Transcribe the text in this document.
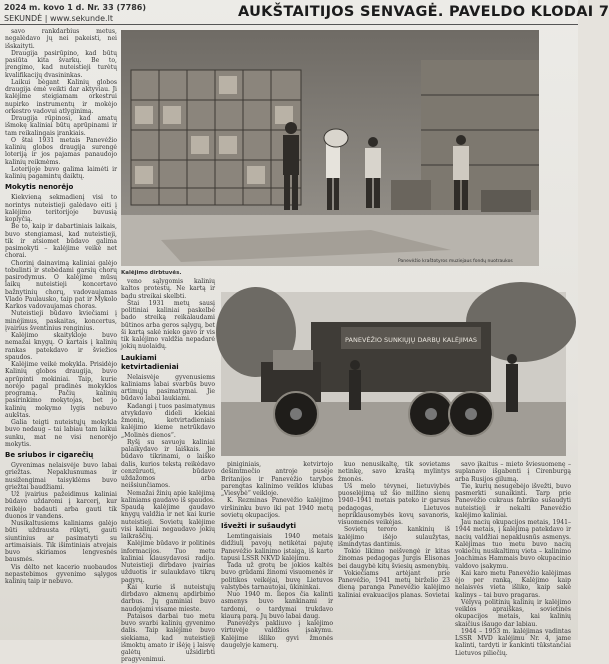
2024 m. kovo 1 d. Nr. 33 (7786)
SEKUNDĖ | www.sekunde.lt	AUKŠTAITIJOS SENVAGĖ. PAVELDO KLODAI 7

savo rankdarbius metus, negalėdavo jų nei pakeisti, nei išskaityti.

Draugija pasirūpino, kad būtų pasiūta kita švarkų. Be to, įrengimo, kad nuteistieji turėtų kvalifikacijų dvasininkas.

Laikui bėgant Kalinių globos draugija ėmė veikti dar aktyviau. Ji kalėjime steigiamam orkestrui nupirko instrumentų ir mokėjo orkestro vadovui atlyginimą.

Draugija rūpinosi, kad amatų išmokę kaliniai būtų aprūpinami ir tam reikalingais įrankiais.

O štai 1931 metais Panevėžio kalinių globos draugija surengė loteriją ir jos pajamas panaudojo kalinių reikmėms.

Loterijoje buvo galima laimėti ir kalinių pagamintų daiktų.

Mokytis nenorėjo

Kiekvieną sekmadienį visi to norintys nuteistieji galėdavo eiti į kalėjimo teritorijoje buvusią koplyčią.

Be to, kaip ir dabartiniais laikais, buvo stengiamasi, kad nuteistieji, tik ir atsiomet būdavo galima pasimokyti – kalėjime veikė net chorai.

Chorinį dainavimą kaliniai galėjo tobulinti ir stebėdami garsių chorų pasirodymus. O kalėjime mūsų laikų nuteistieji koncertavo bažnytinių chorų, vadovaujamas Vlado Paulausko, taip pat ir Mykolo Karkos vadovaujamas choras.

Nuteistieji būdavo kviečiami į minėjimus, paskaitas, koncertus, įvairius šventinius renginius.

Kalėjimo skaitykloje buvo nemažai knygų. O kartais į kalinių rankas patekdavo ir šviežios spaudos.

Kalėjime veikė mokykla. Prisidėjo Kalinių globos draugija, buvo aprūpinti mokiniai. Taip, kurie norėjo pagal pradinės mokyklos programą. Pačių kalinių pasirinkimo mokytojas, bet jo kalinių mokymo lygis nebuvo aukštas.

Galia teigti nuteistųjų mokykla buvo nedaug – tai labiau tam laikui sunku, mat ne visi nenorėjo mokytis.

Be sriubos ir cigarečių

Gyvenimas nelaisvėje buvo labai griežtas. Nepaklusnumas ir nusižengimai taisyklėms buvo griežtai baudžiami.

Už įvairius pažeidimus kaliniai būdavo uždaromi į karcerį, kur reikėjo badauti arba gauti tik duonos ir vandens.

Nusikaltusiems kaliniams galėjo būti uždrausta rūkyti, gauti siuntinius ar pasimatyti su artimaisiais. Tik išimtiniais atvejais buvo skiriamos lengvesnės bausmės.

Vis dėlto net kacerio nuobaudos nepastebimos gyvenimo sąlygos kalinių taip ir nebuvo.

Kalėjimo dirbtuvės.
Panevėžio kraštotyros muziejaus fondų nuotraukos

veno sąlygomis kalinių kaltos protestų. Ne kartą ir badu streikai skelbti.

Štai 1931 metų sausį politiniai kaliniai paskelbė bado streiką reikalaudami būtinos arba geros sąlygų, bet ši kartą sakė nieko gavo ir vis tik kalėjimo valdžia nepadarė jokių nuolaidų.

Laukiami ketvirtadieniai

Nelaisvėje gyvenusiems kaliniams labai svarbūs buvo artimųjų pasimatymai. Jie būdavo labai laukiami.

Kadangi į tuos pasimatymus atvykdavo dideli kiekiai žmonių, ketvirtadieniais kalėjimo kieme netrūkdavo „Molinės dienos“.

Ryšį su savuoju kaliniai palaikydavo ir laiškais. Jie būdavo tikrinami, o laiško dalis, kurios tekstą reikėdavo cenzūruoti, būdavo uždažomos arba neišsiunčiamos.

Nemažai žinių apie kalėjimą kaliniams gaudavo iš spaudos. Spaudą kalėjime gaudavo knygų valdžia ir net kai kurie nuteistieji. Sovietų kalėjime visi kaliniai negaudavo jokių laikraščių.

Kalėjime būdavo ir politinės informacijos. Tuo metu kaliniai klausydavosi radijo. Nuteistieji dirbdavo įvairias užduotis ir sulaukdavo tikrų pagyrų.

Kai kurie iš nuteistųjų dirbdavo akmenų apdirbimo darbus. Jų gaminiai buvo naudojami visame mieste.

Pataisos darbai tuo metu buvo svarbi kalinių gyvenimo dalis. Taip kalėjime buvo siekiama, kad nuteistieji išmoktų amato ir išėję į laisvę galėtų užsidirbti pragyvenimui.

PANEVĖŽIO SUNKIŲJŲ DARBŲ KALĖJIMAS

piniginiais, ketvirtojo dešimtmečio antroje pusėje Britanijos ir Panevėžio tarybos parengtas kalinimo veiklos klubas „Viesybė“ veikloje.

K. Rezminas Panevėžio kalėjimo viršininku buvo iki pat 1940 metų sovietų okupacijos.

Išvežti ir sušaudyti

Lemtingaisiais 1940 metais didžiulį pavojų netikėtai pajutę Panevėžio kalinimo įstaiga, iš karto tapusi LSSR NKVD kalėjimu.

Tada už grotų be jokios kaltės buvo grūdami žinomi visuomenės ir politikos veikėjai, buvę Lietuvos valstybės tarnautojai, ūkininkai.

Nuo 1940 m. liepos čia kalinti asmenys buvo kankinami ir tardomi, o tardymai trukdavo kiaurą parą. Jų buvo labai daug.

Panevėžys pakliuvo į kalėjimo virtuvėje valdžios įsakymu. Kalėjime išliko gyvi žmonės daugelyje kamerų.

kuo nenusikaltę, tik sovietams netinkę, savo kraštą mylintys žmonės.

Uš melo tėvynei, lietuviybės puoselėjimą už šio milžino sienų 1940–1941 metais pateko ir garsus pedagogas, Lietuvos nepriklausomybės kovų savanoris, visuomenės veikėjas.

Sovietų teroro kankinių iš kalėjimo išėjo sulaužytas, išmindytas dantimis.

Tokio likimo neišvengė ir kitas žinomas pedagogas Jurgis Elisonas bei daugybė kitų šviesių asmenybių.

Vokiečiams artėjant prie Panevėžio, 1941 metų birželio 23 dieną paranga Panevėžio kalėjimo kaliniai evakuacijos planas. Sovietai

savo įkaitus – mieto šviesuomenę – suplanavo išgabenti į Cirenburgą arba Rusijos gilumą.

Tie, kurių nesugebėjo išvežti, buvo pasmerkti sunaikinti. Tarp prie Panevėžio cukraus fabriko sušaudyti nuteistieji ir nekalti Panevėžio kalėjimo kaliniai.

Jau nacių okupacijos metais, 1941–1944 metais, į kalėjimą patekdavo ir nacių valdžiai nepaklusnūs asmenys. Kalėjimas tuo metu buvo nacių vokiečių nusikaltimų vieta – kalinimo Joachimas Hammais buvo okupacinio valdovo įsakymu.

Kai karo metu Panevėžio kalėjimas ėjo per ranką, Kalėjimo kaip nelaisvės vieta išliko, kaip sakė kalinys – tai buvo pragaras.

Vėlyvą politinių kalinių ir kalėjimo veiklos apraiškas, sovietinės okupacijos metais, kai kalinių skaičius išaugo dar labiau.

1944 – 1953 m. kalėjimas vadintas LSSR MVD kalėjimu Nr. 4, jame kalinti, tardyti ir kankinti tūkstančiai Lietuvos piliečių.
